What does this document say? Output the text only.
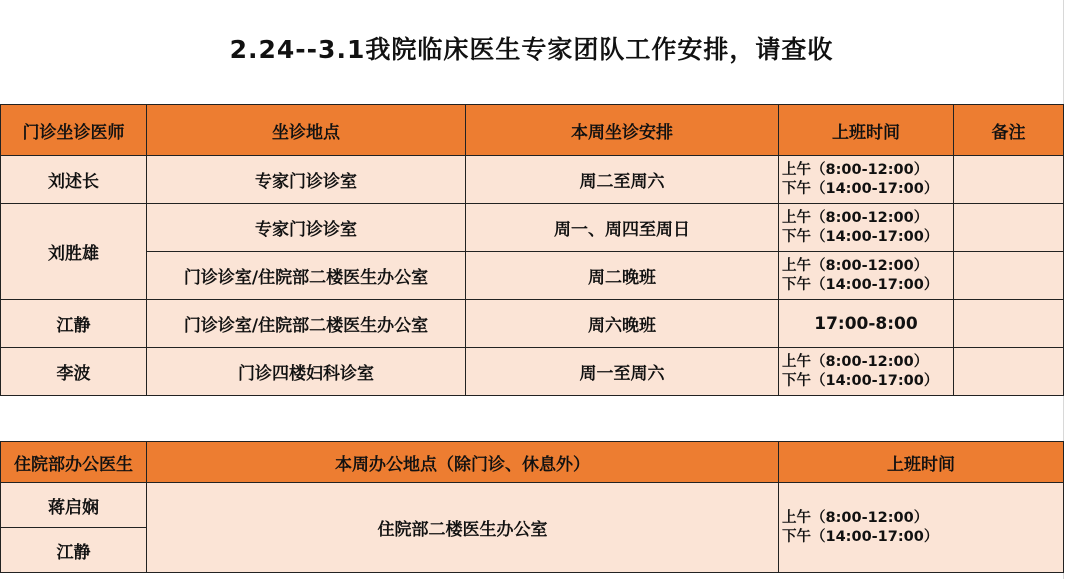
2.24--3.1我院临床医生专家团队工作安排，请查收
门诊坐诊医师	坐诊地点	本周坐诊安排	上班时间	备注
刘述长	专家门诊诊室	周二至周六	上午（8:00-12:00）
下午（14:00-17:00）	

刘胜雄	专家门诊诊室	周一、周四至周日	上午（8:00-12:00）
下午（14:00-17:00）	

	门诊诊室/住院部二楼医生办公室	周二晚班	上午（8:00-12:00）
下午（14:00-17:00）	

江静	门诊诊室/住院部二楼医生办公室	周六晚班	17:00-8:00	
李波	门诊四楼妇科诊室	周一至周六	上午（8:00-12:00）
下午（14:00-17:00）	

住院部办公医生	本周办公地点（除门诊、休息外）	上班时间
蒋启娴	住院部二楼医生办公室	上午（8:00-12:00）
下午（14:00-17:00）

江静		
